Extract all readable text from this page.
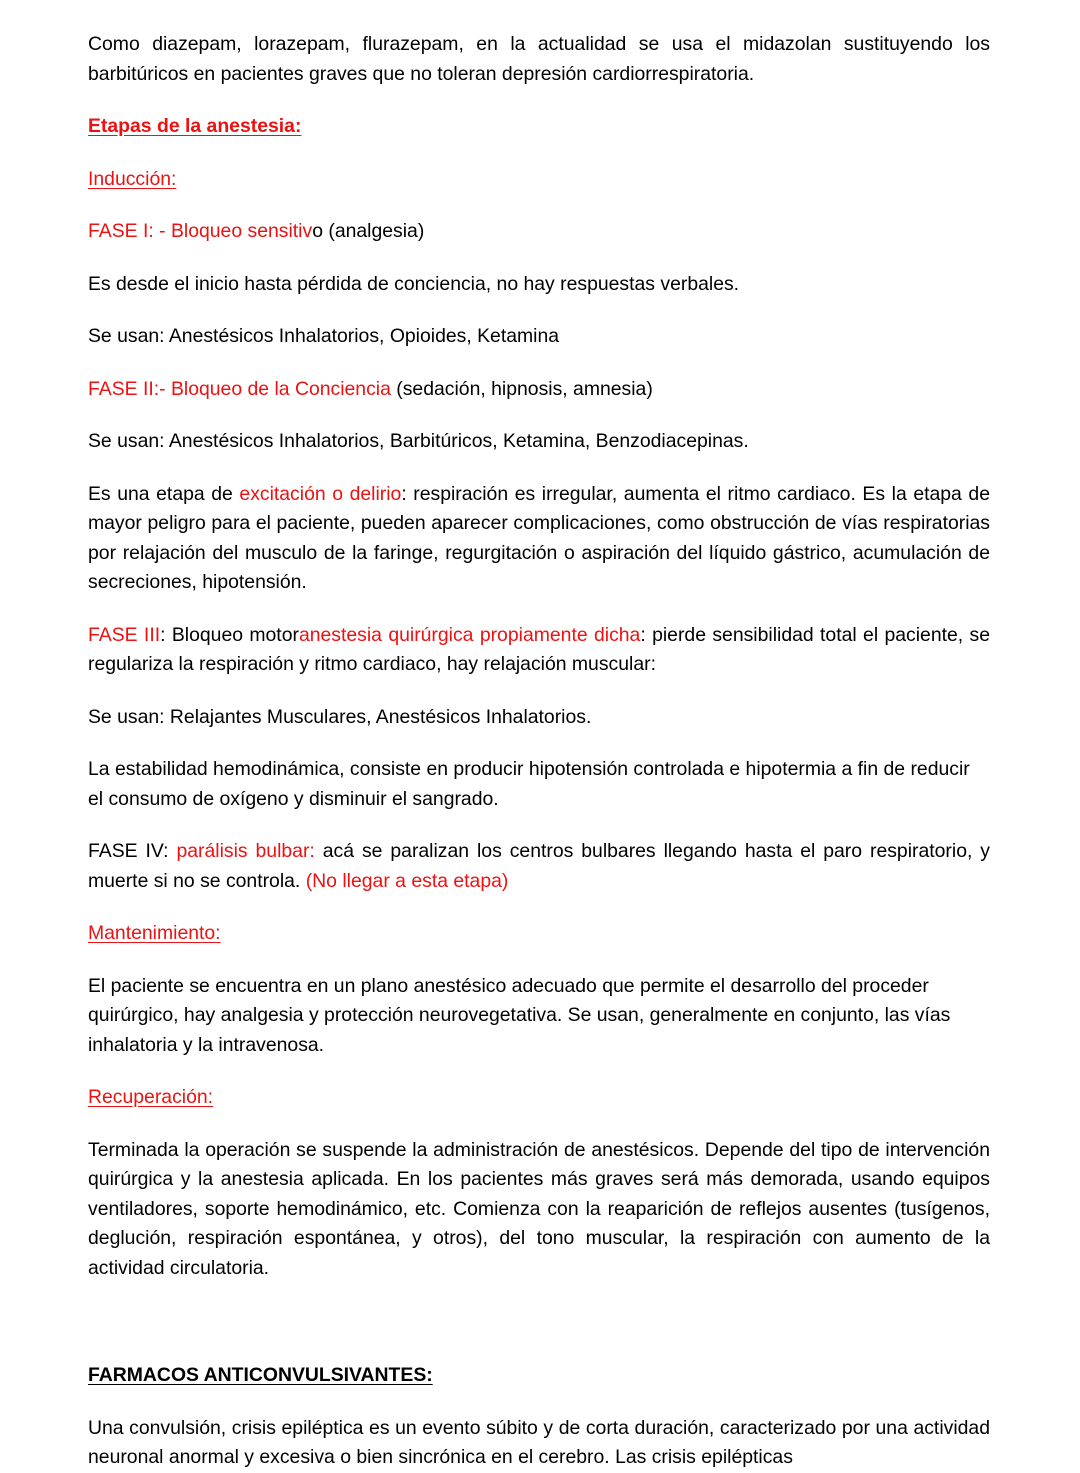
Como diazepam, lorazepam, flurazepam, en la actualidad se usa el midazolan sustituyendo los barbitúricos en pacientes graves que no toleran depresión cardiorrespiratoria.

Etapas de la anestesia:

Inducción:

FASE I: - Bloqueo sensitivo (analgesia)

Es desde el inicio hasta pérdida de conciencia, no hay respuestas verbales.

Se usan: Anestésicos Inhalatorios, Opioides, Ketamina

FASE II:- Bloqueo de la Conciencia (sedación, hipnosis, amnesia)

Se usan: Anestésicos Inhalatorios, Barbitúricos, Ketamina, Benzodiacepinas.

Es una etapa de excitación o delirio: respiración es irregular, aumenta el ritmo cardiaco. Es la etapa de mayor peligro para el paciente, pueden aparecer complicaciones, como obstrucción de vías respiratorias por relajación del musculo de la faringe, regurgitación o aspiración del líquido gástrico, acumulación de secreciones, hipotensión.

FASE III: Bloqueo motoranestesia quirúrgica propiamente dicha: pierde sensibilidad total el paciente, se regulariza la respiración y ritmo cardiaco, hay relajación muscular:

Se usan: Relajantes Musculares, Anestésicos Inhalatorios.

La estabilidad hemodinámica, consiste en producir hipotensión controlada e hipotermia a fin de reducir el consumo de oxígeno y disminuir el sangrado.

FASE IV: parálisis bulbar: acá se paralizan los centros bulbares llegando hasta el paro respiratorio, y muerte si no se controla. (No llegar a esta etapa)

Mantenimiento:

El paciente se encuentra en un plano anestésico adecuado que permite el desarrollo del proceder quirúrgico, hay analgesia y protección neurovegetativa. Se usan, generalmente en conjunto, las vías inhalatoria y la intravenosa.

Recuperación:

Terminada la operación se suspende la administración de anestésicos. Depende del tipo de intervención quirúrgica y la anestesia aplicada. En los pacientes más graves será más demorada, usando equipos ventiladores, soporte hemodinámico, etc. Comienza con la reaparición de reflejos ausentes (tusígenos, deglución, respiración espontánea, y otros), del tono muscular, la respiración con aumento de la actividad circulatoria.

FARMACOS ANTICONVULSIVANTES:

Una convulsión, crisis epiléptica es un evento súbito y de corta duración, caracterizado por una actividad neuronal anormal y excesiva o bien sincrónica en el cerebro. Las crisis epilépticas
